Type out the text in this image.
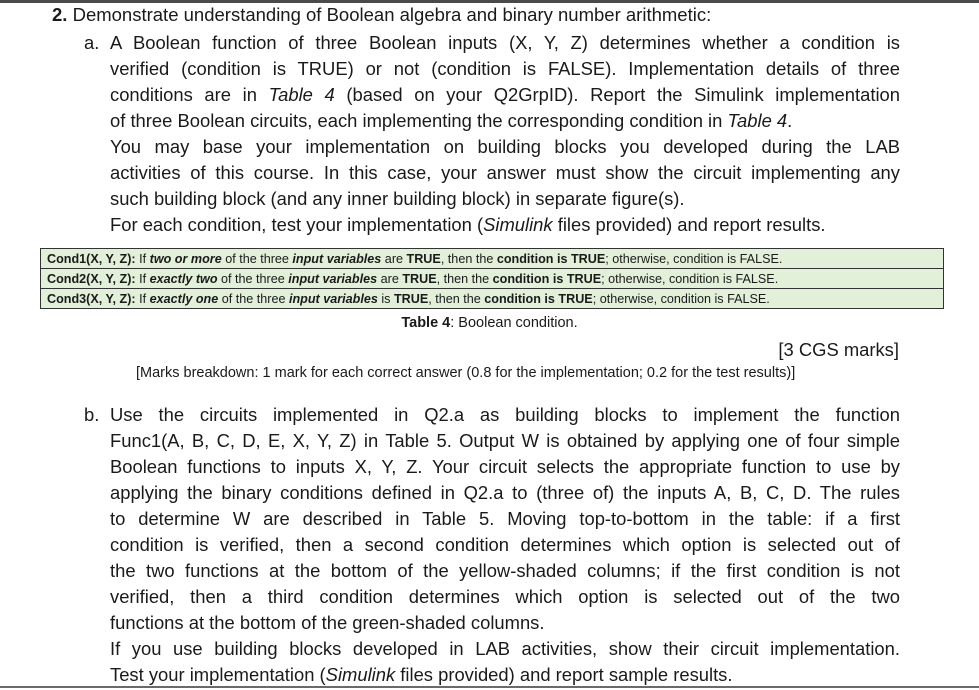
2. Demonstrate understanding of Boolean algebra and binary number arithmetic:
a. A Boolean function of three Boolean inputs (X, Y, Z) determines whether a condition is
verified (condition is TRUE) or not (condition is FALSE). Implementation details of three
conditions are in Table 4 (based on your Q2GrpID). Report the Simulink implementation
of three Boolean circuits, each implementing the corresponding condition in Table 4.
You may base your implementation on building blocks you developed during the LAB
activities of this course. In this case, your answer must show the circuit implementing any
such building block (and any inner building block) in separate figure(s).
For each condition, test your implementation (Simulink files provided) and report results.
Cond1(X, Y, Z): If two or more of the three input variables are TRUE, then the condition is TRUE; otherwise, condition is FALSE.
Cond2(X, Y, Z): If exactly two of the three input variables are TRUE, then the condition is TRUE; otherwise, condition is FALSE.
Cond3(X, Y, Z): If exactly one of the three input variables is TRUE, then the condition is TRUE; otherwise, condition is FALSE.
Table 4: Boolean condition.
[3 CGS marks]
[Marks breakdown: 1 mark for each correct answer (0.8 for the implementation; 0.2 for the test results)]
b. Use the circuits implemented in Q2.a as building blocks to implement the function
Func1(A, B, C, D, E, X, Y, Z) in Table 5. Output W is obtained by applying one of four simple
Boolean functions to inputs X, Y, Z. Your circuit selects the appropriate function to use by
applying the binary conditions defined in Q2.a to (three of) the inputs A, B, C, D. The rules
to determine W are described in Table 5. Moving top-to-bottom in the table: if a first
condition is verified, then a second condition determines which option is selected out of
the two functions at the bottom of the yellow-shaded columns; if the first condition is not
verified, then a third condition determines which option is selected out of the two
functions at the bottom of the green-shaded columns.
If you use building blocks developed in LAB activities, show their circuit implementation.
Test your implementation (Simulink files provided) and report sample results.
